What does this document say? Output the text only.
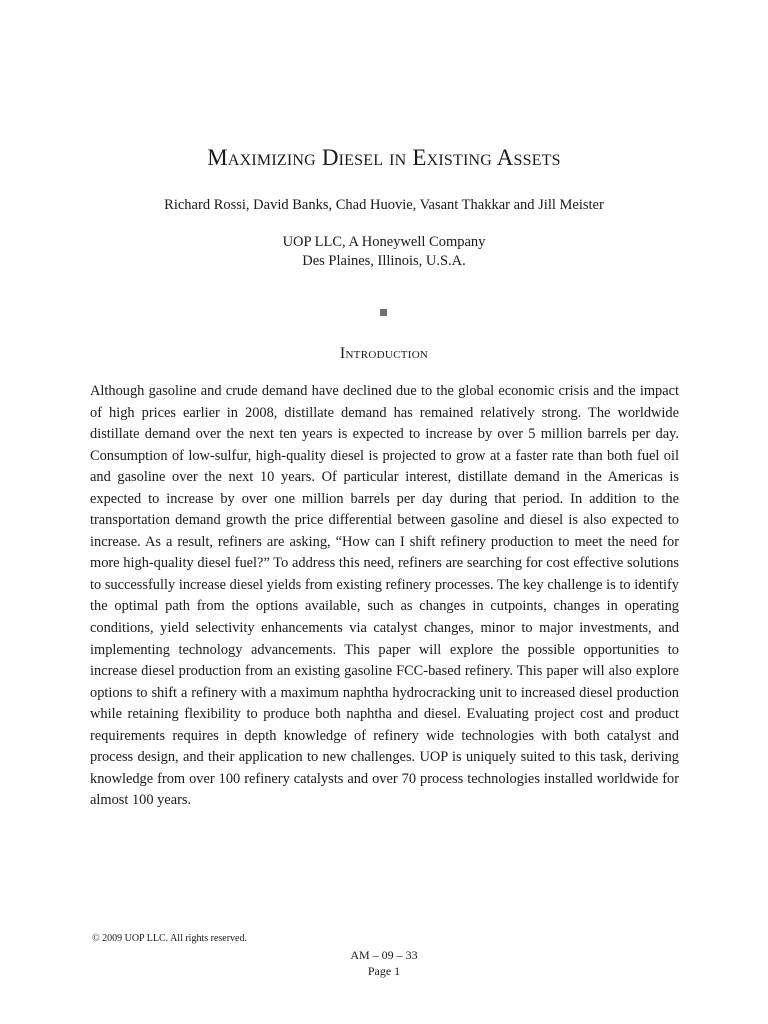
Maximizing Diesel in Existing Assets
Richard Rossi, David Banks, Chad Huovie, Vasant Thakkar and Jill Meister
UOP LLC, A Honeywell Company
Des Plaines, Illinois, U.S.A.
Introduction

Although gasoline and crude demand have declined due to the global economic crisis and the impact of high prices earlier in 2008, distillate demand has remained relatively strong. The worldwide distillate demand over the next ten years is expected to increase by over 5 million barrels per day. Consumption of low-sulfur, high-quality diesel is projected to grow at a faster rate than both fuel oil and gasoline over the next 10 years. Of particular interest, distillate demand in the Americas is expected to increase by over one million barrels per day during that period. In addition to the transportation demand growth the price differential between gasoline and diesel is also expected to increase. As a result, refiners are asking, “How can I shift refinery production to meet the need for more high-quality diesel fuel?” To address this need, refiners are searching for cost effective solutions to successfully increase diesel yields from existing refinery processes. The key challenge is to identify the optimal path from the options available, such as changes in cutpoints, changes in operating conditions, yield selectivity enhancements via catalyst changes, minor to major investments, and implementing technology advancements. This paper will explore the possible opportunities to increase diesel production from an existing gasoline FCC-based refinery. This paper will also explore options to shift a refinery with a maximum naphtha hydrocracking unit to increased diesel production while retaining flexibility to produce both naphtha and diesel. Evaluating project cost and product requirements requires in depth knowledge of refinery wide technologies with both catalyst and process design, and their application to new challenges. UOP is uniquely suited to this task, deriving knowledge from over 100 refinery catalysts and over 70 process technologies installed worldwide for almost 100 years.

© 2009 UOP LLC. All rights reserved.
AM – 09 – 33
Page 1
